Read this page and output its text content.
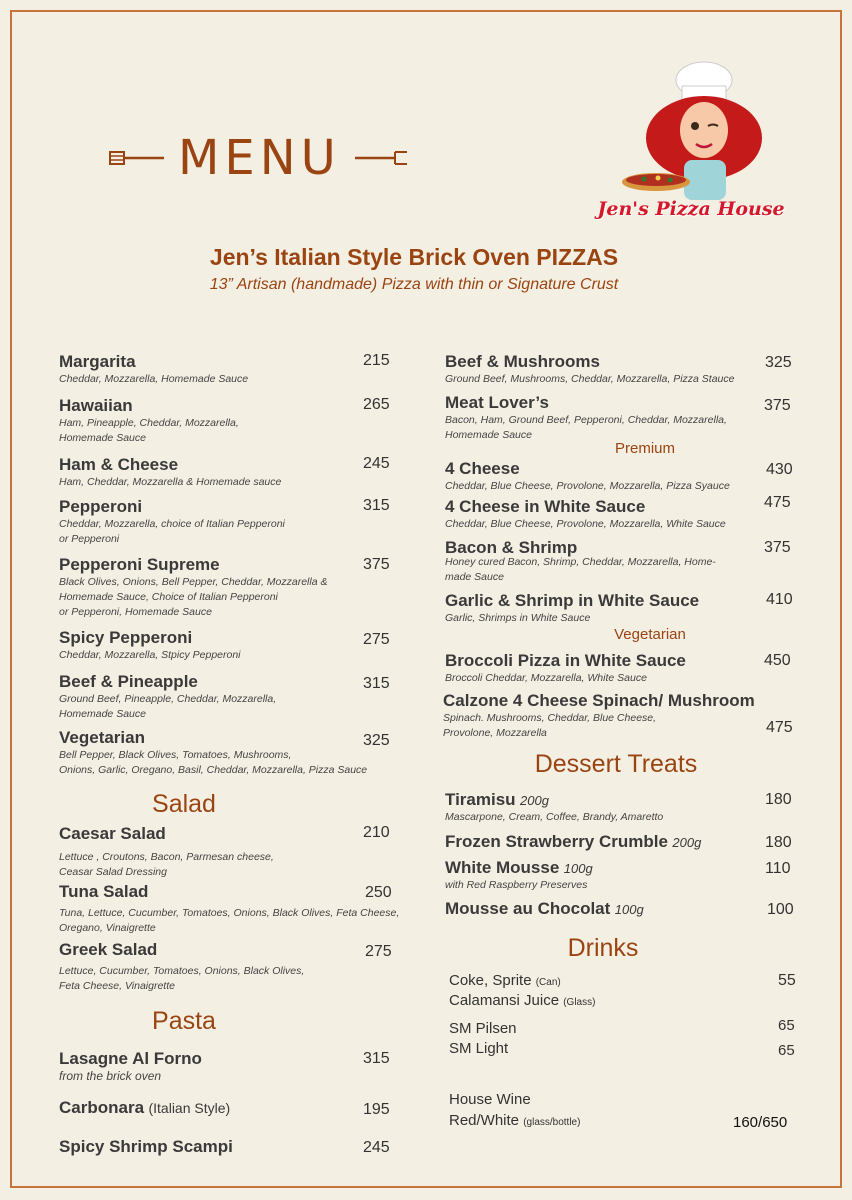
MENU
Jen's Pizza House
Jen’s Italian Style Brick Oven PIZZAS
13” Artisan (handmade) Pizza with thin or Signature Crust
Margarita
Cheddar, Mozzarella, Homemade Sauce
215
Hawaiian
Ham, Pineapple, Cheddar, Mozzarella,
Homemade Sauce
265
Ham & Cheese
Ham, Cheddar, Mozzarella & Homemade sauce
245
Pepperoni
Cheddar, Mozzarella, choice of Italian Pepperoni
or Pepperoni
315
Pepperoni Supreme
Black Olives, Onions, Bell Pepper, Cheddar, Mozzarella &
Homemade Sauce, Choice of Italian Pepperoni
or Pepperoni, Homemade Sauce
375
Spicy Pepperoni
Cheddar, Mozzarella, Stpicy Pepperoni
275
Beef & Pineapple
Ground Beef, Pineapple, Cheddar, Mozzarella,
Homemade Sauce
315
Vegetarian
Bell Pepper, Black Olives, Tomatoes, Mushrooms,
Onions, Garlic, Oregano, Basil, Cheddar, Mozzarella, Pizza Sauce
325
Salad
Caesar Salad
Lettuce , Croutons, Bacon, Parmesan cheese,
Ceasar Salad Dressing
210
Tuna Salad
Tuna, Lettuce, Cucumber, Tomatoes, Onions, Black Olives, Feta Cheese,
Oregano, Vinaigrette
250
Greek Salad
Lettuce, Cucumber, Tomatoes, Onions, Black Olives,
Feta Cheese, Vinaigrette
275
Pasta
Lasagne Al Forno
from the brick oven
315
Carbonara (Italian Style)	195
Spicy Shrimp Scampi	245
Beef & Mushrooms
Ground Beef, Mushrooms, Cheddar, Mozzarella, Pizza Stauce
325
Meat Lover’s
Bacon, Ham, Ground Beef, Pepperoni, Cheddar, Mozzarella,
Homemade Sauce
375
Premium
4 Cheese
Cheddar, Blue Cheese, Provolone, Mozzarella, Pizza Syauce
430
4 Cheese in White Sauce
Cheddar, Blue Cheese, Provolone, Mozzarella, White Sauce
475
Bacon & Shrimp
Honey cured Bacon, Shrimp, Cheddar, Mozzarella, Home-
made Sauce
375
Garlic & Shrimp in White Sauce
Garlic, Shrimps in White Sauce
410
Vegetarian
Broccoli Pizza in White Sauce
Broccoli Cheddar, Mozzarella, White Sauce
450
Calzone 4 Cheese Spinach/ Mushroom
Spinach. Mushrooms, Cheddar, Blue Cheese,
Provolone, Mozzarella	475
Dessert Treats
Tiramisu 200g
Mascarpone, Cream, Coffee, Brandy, Amaretto
180
Frozen Strawberry Crumble 200g	180
White Mousse 100g
with Red Raspberry Preserves
110
Mousse au Chocolat 100g	100
Drinks
Coke, Sprite (Can)	55
Calamansi Juice (Glass)
SM Pilsen	65
SM Light	65
House Wine
Red/White (glass/bottle)	160/650
